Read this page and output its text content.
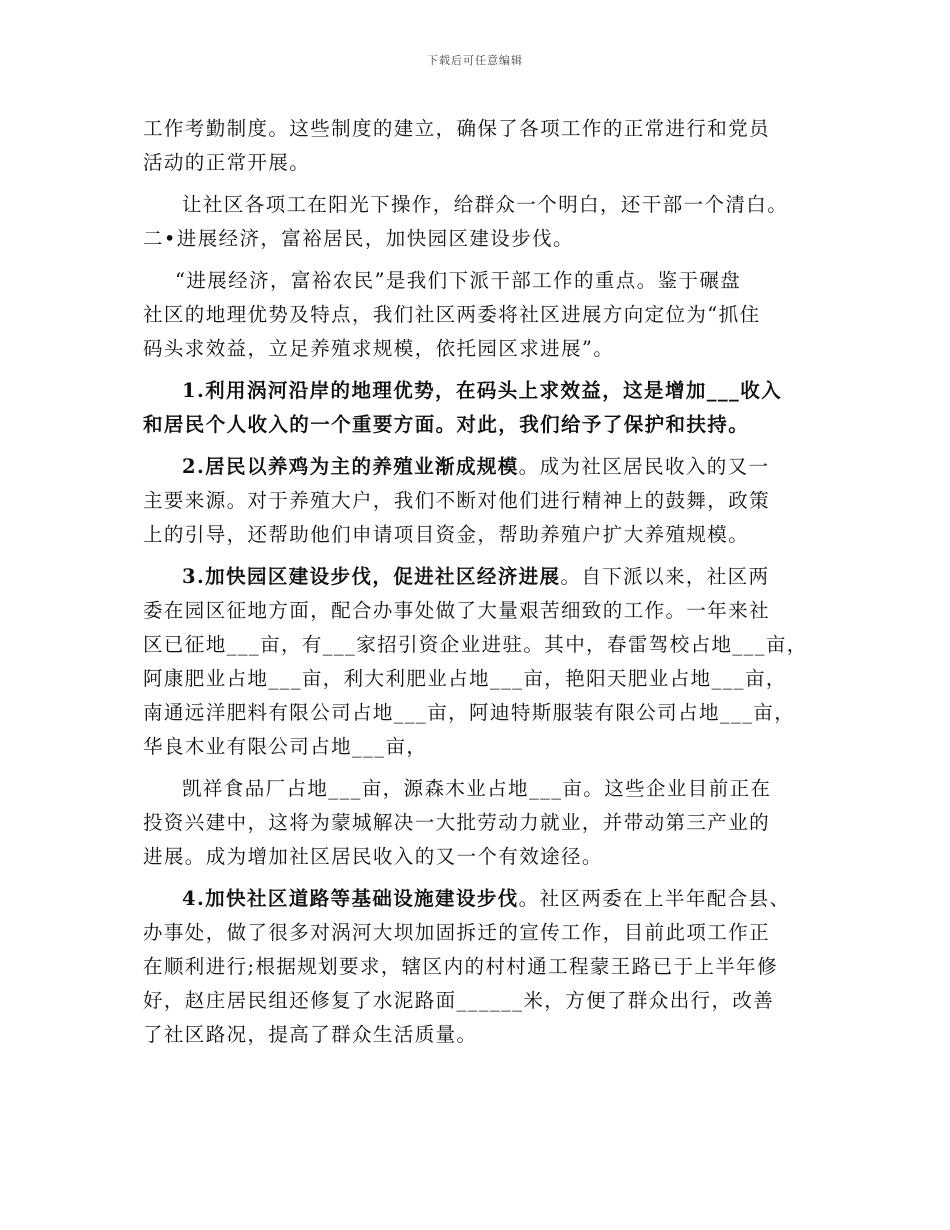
下载后可任意编辑
工作考勤制度。这些制度的建立，确保了各项工作的正常进行和党员
活动的正常开展。
让社区各项工在阳光下操作，给群众一个明白，还干部一个清白。
二•进展经济，富裕居民，加快园区建设步伐。
“进展经济，富裕农民”是我们下派干部工作的重点。鉴于碾盘
社区的地理优势及特点，我们社区两委将社区进展方向定位为“抓住
码头求效益，立足养殖求规模，依托园区求进展”。
1.利用涡河沿岸的地理优势，在码头上求效益，这是增加___收入
和居民个人收入的一个重要方面。对此，我们给予了保护和扶持。
2.居民以养鸡为主的养殖业渐成规模。成为社区居民收入的又一
主要来源。对于养殖大户，我们不断对他们进行精神上的鼓舞，政策
上的引导，还帮助他们申请项目资金，帮助养殖户扩大养殖规模。
3.加快园区建设步伐，促进社区经济进展。自下派以来，社区两
委在园区征地方面，配合办事处做了大量艰苦细致的工作。一年来社
区已征地___亩，有___家招引资企业进驻。其中，春雷驾校占地___亩，
阿康肥业占地___亩，利大利肥业占地___亩，艳阳天肥业占地___亩，
南通远洋肥料有限公司占地___亩，阿迪特斯服装有限公司占地___亩，
华良木业有限公司占地___亩，
凯祥食品厂占地___亩，源森木业占地___亩。这些企业目前正在
投资兴建中，这将为蒙城解决一大批劳动力就业，并带动第三产业的
进展。成为增加社区居民收入的又一个有效途径。
4.加快社区道路等基础设施建设步伐。社区两委在上半年配合县、
办事处，做了很多对涡河大坝加固拆迁的宣传工作，目前此项工作正
在顺利进行;根据规划要求，辖区内的村村通工程蒙王路已于上半年修
好，赵庄居民组还修复了水泥路面______米，方便了群众出行，改善
了社区路况，提高了群众生活质量。
